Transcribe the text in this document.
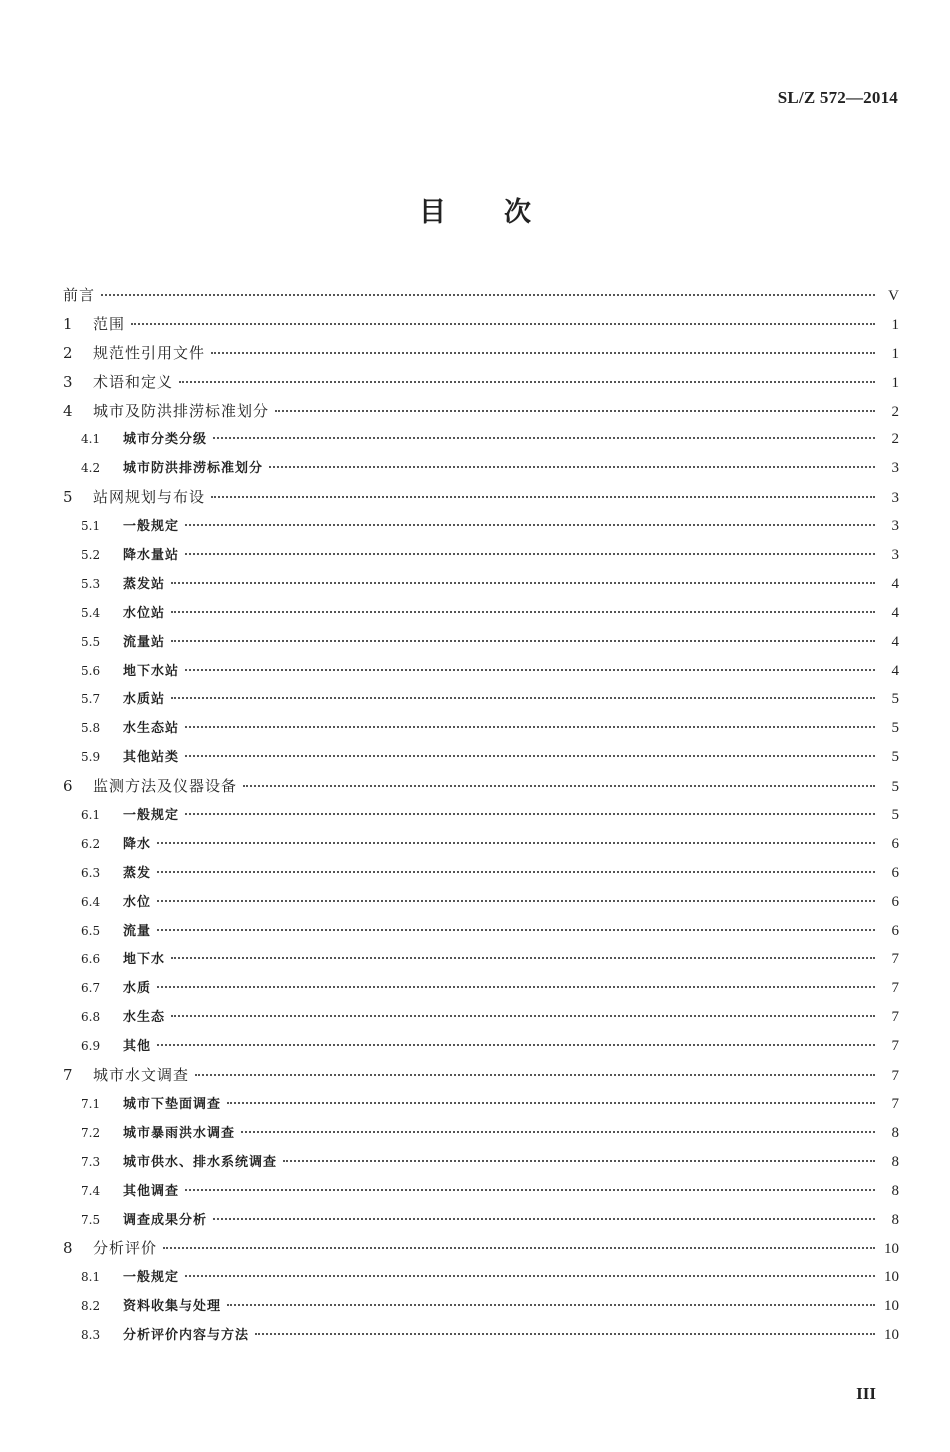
SL/Z 572—2014
目次
前言	V
1	范围	1
2	规范性引用文件	1
3	术语和定义	1
4	城市及防洪排涝标准划分	2
4.1	城市分类分级	2
4.2	城市防洪排涝标准划分	3
5	站网规划与布设	3
5.1	一般规定	3
5.2	降水量站	3
5.3	蒸发站	4
5.4	水位站	4
5.5	流量站	4
5.6	地下水站	4
5.7	水质站	5
5.8	水生态站	5
5.9	其他站类	5
6	监测方法及仪器设备	5
6.1	一般规定	5
6.2	降水	6
6.3	蒸发	6
6.4	水位	6
6.5	流量	6
6.6	地下水	7
6.7	水质	7
6.8	水生态	7
6.9	其他	7
7	城市水文调查	7
7.1	城市下垫面调查	7
7.2	城市暴雨洪水调查	8
7.3	城市供水、排水系统调查	8
7.4	其他调查	8
7.5	调查成果分析	8
8	分析评价	10
8.1	一般规定	10
8.2	资料收集与处理	10
8.3	分析评价内容与方法	10
III
